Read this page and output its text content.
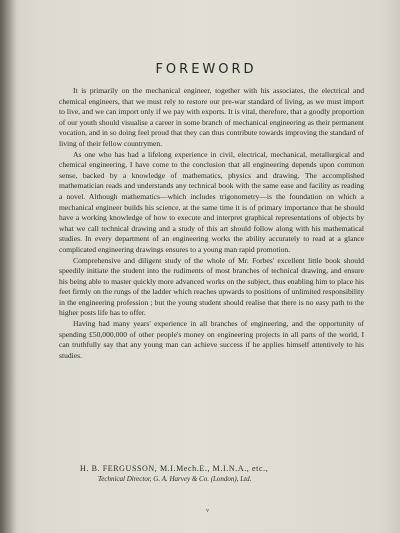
FOREWORD

It is primarily on the mechanical engineer, together with his associates, the electrical and chemical engineers, that we must rely to restore our pre-war standard of living, as we must import to live, and we can import only if we pay with exports. It is vital, therefore, that a goodly proportion of our youth should visualise a career in some branch of mechanical engineering as their permanent vocation, and in so doing feel proud that they can thus contribute towards improving the standard of living of their fellow countrymen.

As one who has had a lifelong experience in civil, electrical, mechanical, metallurgical and chemical engineering, I have come to the conclusion that all engineering depends upon common sense, backed by a knowledge of mathematics, physics and drawing. The accomplished mathematician reads and understands any technical book with the same ease and facility as reading a novel. Although mathematics—which includes trigonometry—is the foundation on which a mechanical engineer builds his science, at the same time it is of primary importance that he should have a working knowledge of how to execute and interpret graphical representations of objects by what we call technical drawing and a study of this art should follow along with his mathematical studies. In every department of an engineering works the ability accurately to read at a glance complicated engineering drawings ensures to a young man rapid promotion.

Comprehensive and diligent study of the whole of Mr. Forbes' excellent little book should speedily initiate the student into the rudiments of most branches of technical drawing, and ensure his being able to master quickly more advanced works on the subject, thus enabling him to place his feet firmly on the rungs of the ladder which reaches upwards to positions of unlimited responsibility in the engineering profession ; but the young student should realise that there is no easy path to the higher posts life has to offer.

Having had many years' experience in all branches of engineering, and the opportunity of spending £50,000,000 of other people's money on engineering projects in all parts of the world, I can truthfully say that any young man can achieve success if he applies himself attentively to his studies.

H. B. FERGUSSON, M.I.Mech.E., M.I.N.A., etc.,

Technical Director, G. A. Harvey & Co. (London), Ltd.

v
